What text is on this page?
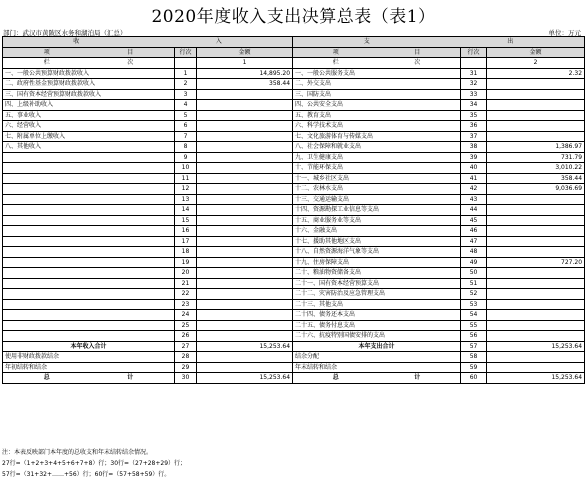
2020年度收入支出决算总表（表1）
部门：武汉市黄陂区水务和湖泊局（汇总）	单位：万元
收 入			支 出		

项 目	行次	金额	项 目	行次	金额

栏 次		1	栏 次		2
一、一般公共预算财政拨款收入	1	14,895.20	一、一般公共服务支出	31	2.32
二、政府性基金预算财政拨款收入	2	358.44	二、外交支出	32	
三、国有资本经营预算财政拨款收入	3		三、国防支出	33	
四、上级补助收入	4		四、公共安全支出	34	
五、事业收入	5		五、教育支出	35	
六、经营收入	6		六、科学技术支出	36	
七、附属单位上缴收入	7		七、文化旅游体育与传媒支出	37	
八、其他收入	8		八、社会保障和就业支出	38	1,386.97
	9		九、卫生健康支出	39	731.79
	10		十、节能环保支出	40	3,010.22
	11		十一、城乡社区支出	41	358.44
	12		十二、农林水支出	42	9,036.69
	13		十三、交通运输支出	43	
	14		十四、资源勘探工业信息等支出	44	
	15		十五、商业服务业等支出	45	
	16		十六、金融支出	46	
	17		十七、援助其他地区支出	47	
	18		十八、自然资源海洋气象等支出	48	
	19		十九、住房保障支出	49	727.20
	20		二十、粮油物资储备支出	50	
	21		二十一、国有资本经营预算支出	51	
	22		二十二、灾害防治及应急管理支出	52	
	23		二十三、其他支出	53	
	24		二十四、债务还本支出	54	
	25		二十五、债务付息支出	55	
	26		二十六、抗疫特别国债安排的支出	56	
本年收入合计	27	15,253.64	本年支出合计	57	15,253.64
使用非财政拨款结余	28		结余分配	58	
年初结转和结余	29		年末结转和结余	59	

总 计	30	15,253.64	总 计	60	15,253.64
注：本表反映部门本年度的总收支和年末结转结余情况。
27行=（1+2+3+4+5+6+7+8）行；30行=（27+28+29）行；
57行=（31+32+……+56）行；60行=（57+58+59）行。
